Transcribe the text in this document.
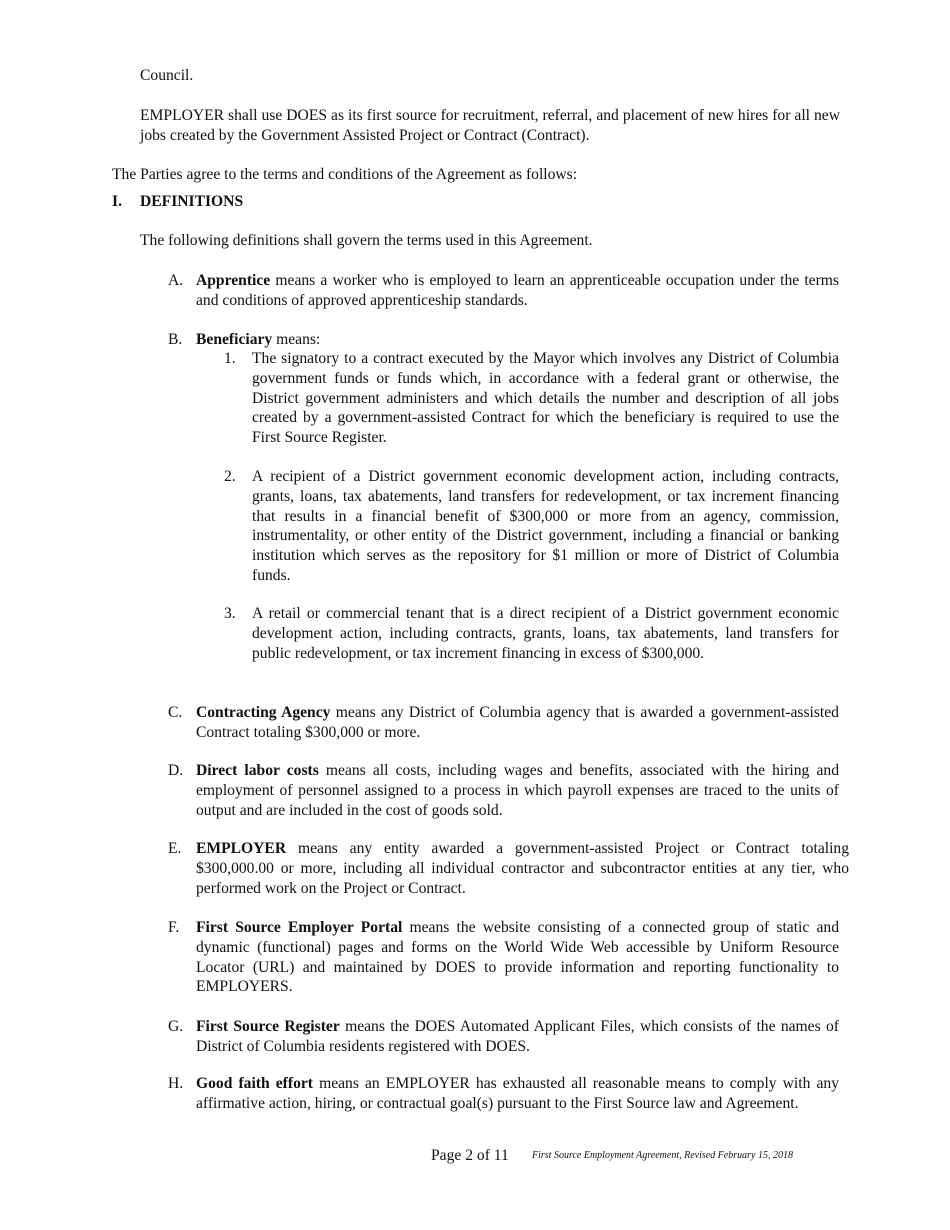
Council.
EMPLOYER shall use DOES as its first source for recruitment, referral, and placement of new hires for all new jobs created by the Government Assisted Project or Contract (Contract).
The Parties agree to the terms and conditions of the Agreement as follows:
I. DEFINITIONS
The following definitions shall govern the terms used in this Agreement.
A. Apprentice means a worker who is employed to learn an apprenticeable occupation under the terms and conditions of approved apprenticeship standards.
B. Beneficiary means:
1. The signatory to a contract executed by the Mayor which involves any District of Columbia government funds or funds which, in accordance with a federal grant or otherwise, the District government administers and which details the number and description of all jobs created by a government-assisted Contract for which the beneficiary is required to use the First Source Register.
2. A recipient of a District government economic development action, including contracts, grants, loans, tax abatements, land transfers for redevelopment, or tax increment financing that results in a financial benefit of $300,000 or more from an agency, commission, instrumentality, or other entity of the District government, including a financial or banking institution which serves as the repository for $1 million or more of District of Columbia funds.
3. A retail or commercial tenant that is a direct recipient of a District government economic development action, including contracts, grants, loans, tax abatements, land transfers for public redevelopment, or tax increment financing in excess of $300,000.
C. Contracting Agency means any District of Columbia agency that is awarded a government-assisted Contract totaling $300,000 or more.
D. Direct labor costs means all costs, including wages and benefits, associated with the hiring and employment of personnel assigned to a process in which payroll expenses are traced to the units of output and are included in the cost of goods sold.
E. EMPLOYER means any entity awarded a government-assisted Project or Contract totaling $300,000.00 or more, including all individual contractor and subcontractor entities at any tier, who performed work on the Project or Contract.
F. First Source Employer Portal means the website consisting of a connected group of static and dynamic (functional) pages and forms on the World Wide Web accessible by Uniform Resource Locator (URL) and maintained by DOES to provide information and reporting functionality to EMPLOYERS.
G. First Source Register means the DOES Automated Applicant Files, which consists of the names of District of Columbia residents registered with DOES.
H. Good faith effort means an EMPLOYER has exhausted all reasonable means to comply with any affirmative action, hiring, or contractual goal(s) pursuant to the First Source law and Agreement.
Page 2 of 11 First Source Employment Agreement, Revised February 15, 2018
